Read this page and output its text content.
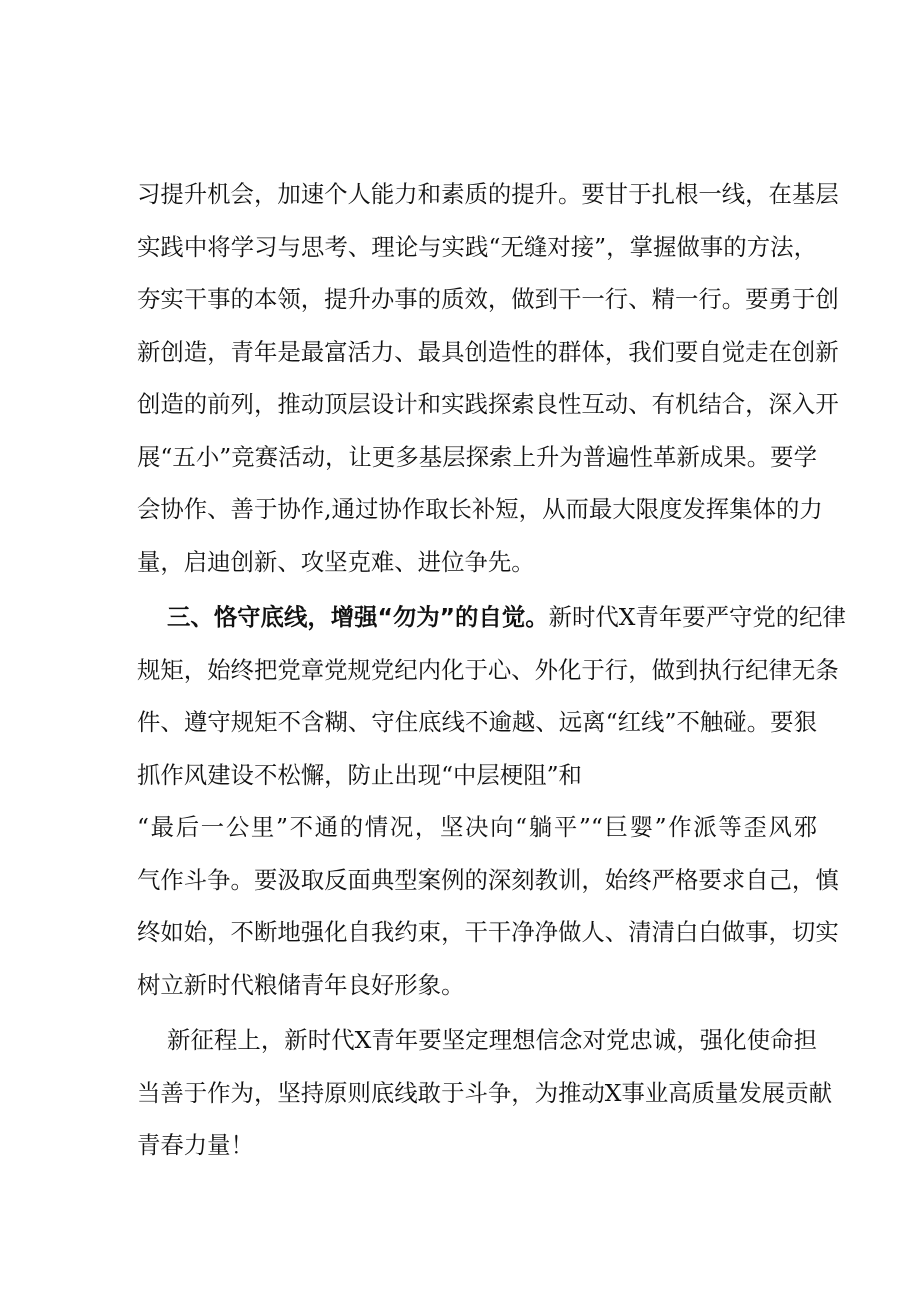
习提升机会，加速个人能力和素质的提升。要甘于扎根一线，在基层
实践中将学习与思考、理论与实践“无缝对接”，掌握做事的方法，
夯实干事的本领，提升办事的质效，做到干一行、精一行。要勇于创
新创造，青年是最富活力、最具创造性的群体，我们要自觉走在创新
创造的前列，推动顶层设计和实践探索良性互动、有机结合，深入开
展“五小”竞赛活动，让更多基层探索上升为普遍性革新成果。要学
会协作、善于协作,通过协作取长补短，从而最大限度发挥集体的力
量，启迪创新、攻坚克难、进位争先。
三、恪守底线，增强“勿为”的自觉。新时代X青年要严守党的纪律
规矩，始终把党章党规党纪内化于心、外化于行，做到执行纪律无条
件、遵守规矩不含糊、守住底线不逾越、远离“红线”不触碰。要狠
抓作风建设不松懈，防止出现“中层梗阻”和
“最后一公里”不通的情况，坚决向“躺平”“巨婴”作派等歪风邪
气作斗争。要汲取反面典型案例的深刻教训，始终严格要求自己，慎
终如始，不断地强化自我约束，干干净净做人、清清白白做事，切实
树立新时代粮储青年良好形象。
新征程上，新时代X青年要坚定理想信念对党忠诚，强化使命担
当善于作为，坚持原则底线敢于斗争，为推动X事业高质量发展贡献
青春力量！
